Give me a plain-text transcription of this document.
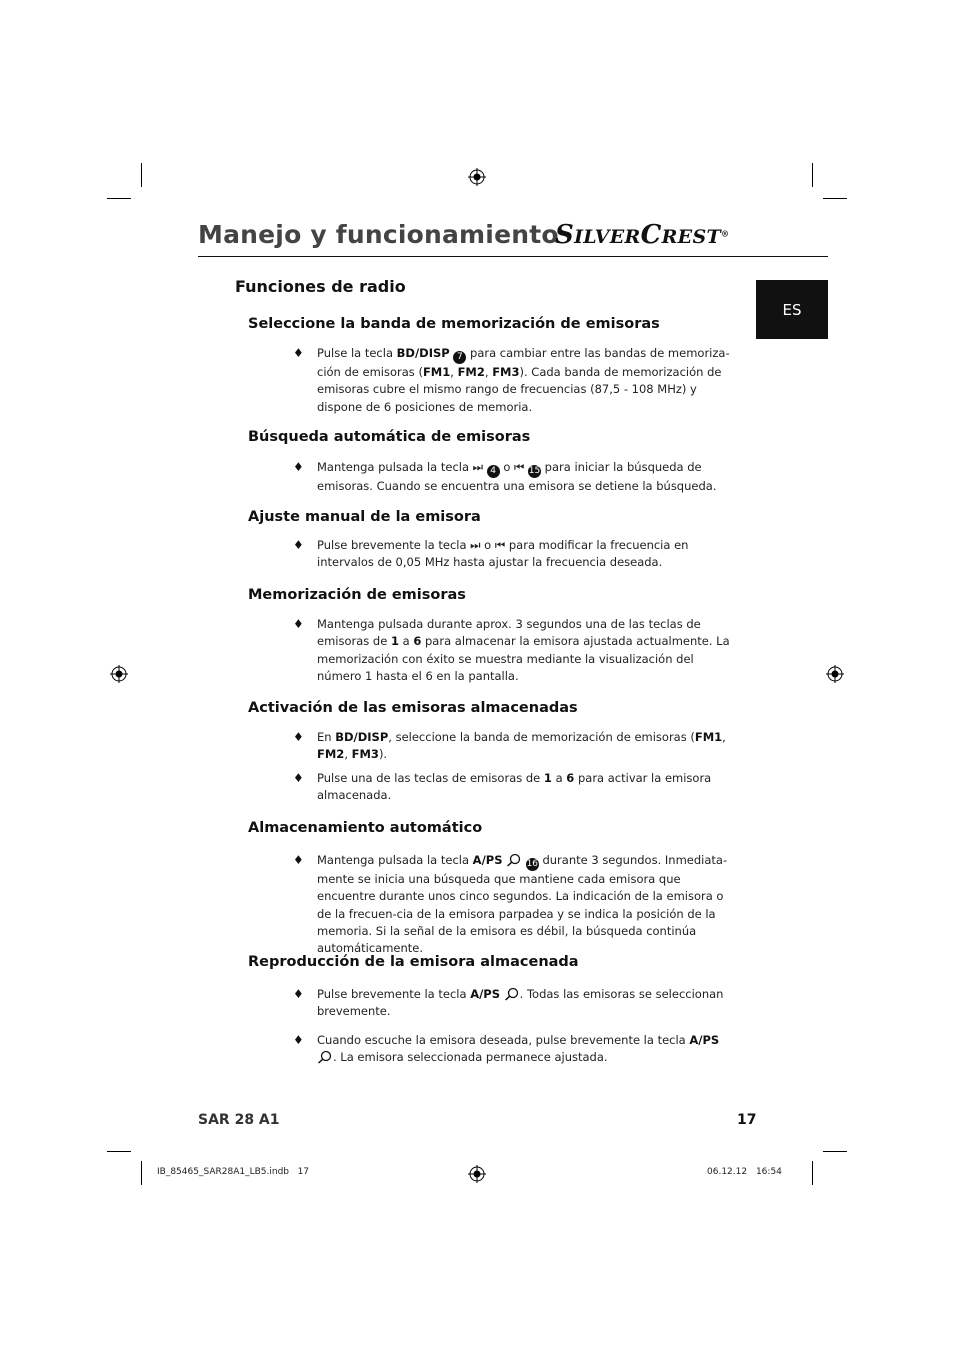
Manejo y funcionamiento
SILVERCREST®
ES
Funciones de radio
Seleccione la banda de memorización de emisoras
♦ Pulse la tecla BD/DISP 7 para cambiar entre las bandas de memoriza-ción de emisoras (FM1, FM2, FM3). Cada banda de memorización de emisoras cubre el mismo rango de frecuencias (87,5 - 108 MHz) y dispone de 6 posiciones de memoria.
Búsqueda automática de emisoras
♦ Mantenga pulsada la tecla ⏭ 4 o ⏮ 15 para iniciar la búsqueda de emisoras. Cuando se encuentra una emisora se detiene la búsqueda.
Ajuste manual de la emisora
♦ Pulse brevemente la tecla ⏭ o ⏮ para modificar la frecuencia en intervalos de 0,05 MHz hasta ajustar la frecuencia deseada.
Memorización de emisoras
♦ Mantenga pulsada durante aprox. 3 segundos una de las teclas de emisoras de 1 a 6 para almacenar la emisora ajustada actualmente. La memorización con éxito se muestra mediante la visualización del número 1 hasta el 6 en la pantalla.
Activación de las emisoras almacenadas
♦ En BD/DISP, seleccione la banda de memorización de emisoras (FM1, FM2, FM3).
♦ Pulse una de las teclas de emisoras de 1 a 6 para activar la emisora almacenada.
Almacenamiento automático
♦ Mantenga pulsada la tecla A/PS	16 durante 3 segundos. Inmediata-mente se inicia una búsqueda que mantiene cada emisora que encuentre durante unos cinco segundos. La indicación de la emisora o de la frecuen-cia de la emisora parpadea y se indica la posición de la memoria. Si la señal de la emisora es débil, la búsqueda continúa automáticamente.
Reproducción de la emisora almacenada
♦ Pulse brevemente la tecla A/PS . Todas las emisoras se seleccionan brevemente.
♦ Cuando escuche la emisora deseada, pulse brevemente la tecla A/PS . La emisora seleccionada permanece ajustada.
SAR 28 A1	17
IB_85465_SAR28A1_LB5.indb   17	06.12.12 16:54
